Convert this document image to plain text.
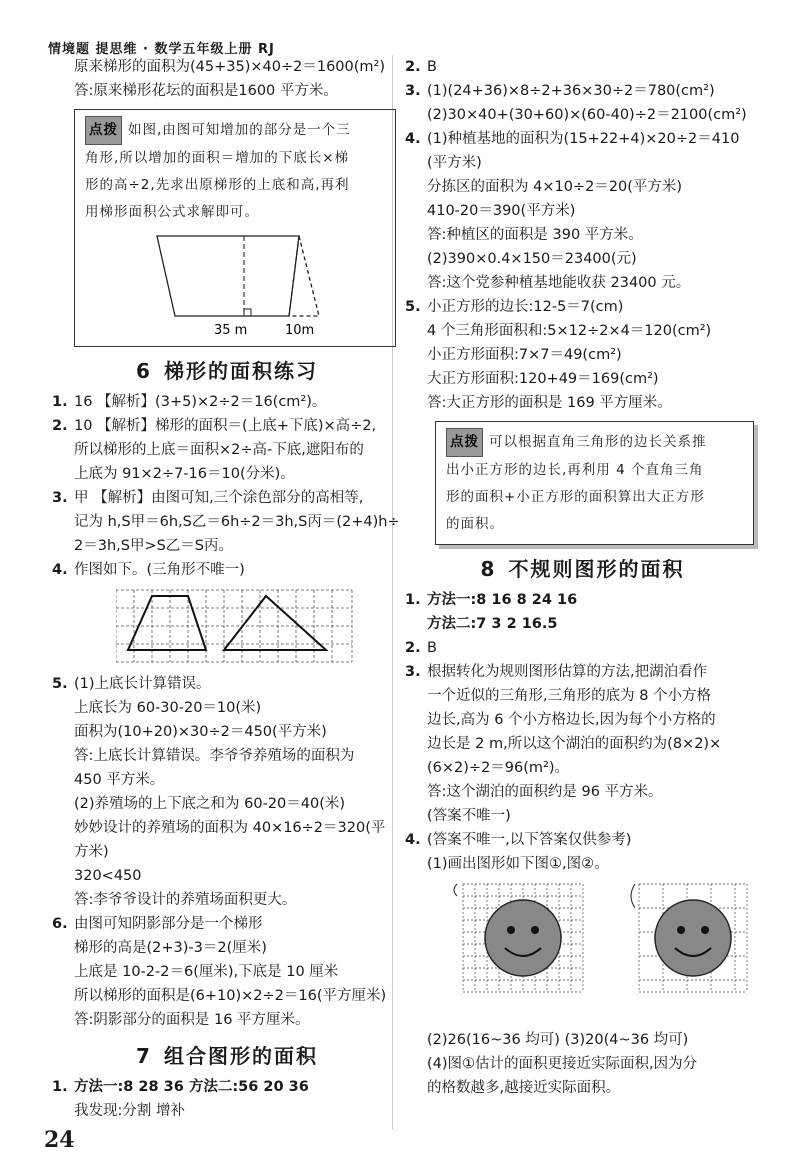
情境题 提思维 · 数学五年级上册 RJ
原来梯形的面积为(45+35)×40÷2＝1600(m²)
答:原来梯形花坛的面积是1600 平方米。
点拨 如图,由图可知增加的部分是一个三
角形,所以增加的面积＝增加的下底长×梯
形的高÷2,先求出原梯形的上底和高,再利
用梯形面积公式求解即可。
35 m	10m
6 梯形的面积练习
1. 16 【解析】(3+5)×2÷2＝16(cm²)。
2. 10 【解析】梯形的面积＝(上底+下底)×高÷2,
所以梯形的上底＝面积×2÷高-下底,遮阳布的
上底为 91×2÷7-16＝10(分米)。
3. 甲 【解析】由图可知,三个涂色部分的高相等,
记为 h,S甲＝6h,S乙＝6h÷2＝3h,S丙＝(2+4)h÷
2＝3h,S甲>S乙＝S丙。
4. 作图如下。(三角形不唯一)
5. (1)上底长计算错误。
上底长为 60-30-20＝10(米)
面积为(10+20)×30÷2＝450(平方米)
答:上底长计算错误。李爷爷养殖场的面积为
450 平方米。
(2)养殖场的上下底之和为 60-20＝40(米)
妙妙设计的养殖场的面积为 40×16÷2＝320(平
方米)
320<450
答:李爷爷设计的养殖场面积更大。
6. 由图可知阴影部分是一个梯形
梯形的高是(2+3)-3＝2(厘米)
上底是 10-2-2＝6(厘米),下底是 10 厘米
所以梯形的面积是(6+10)×2÷2＝16(平方厘米)
答:阴影部分的面积是 16 平方厘米。
7 组合图形的面积
1. 方法一:8 28 36 方法二:56 20 36
我发现:分割 增补
2. B
3. (1)(24+36)×8÷2+36×30÷2＝780(cm²)
(2)30×40+(30+60)×(60-40)÷2＝2100(cm²)
4. (1)种植基地的面积为(15+22+4)×20÷2＝410
(平方米)
分拣区的面积为 4×10÷2＝20(平方米)
410-20＝390(平方米)
答:种植区的面积是 390 平方米。
(2)390×0.4×150＝23400(元)
答:这个党参种植基地能收获 23400 元。
5. 小正方形的边长:12-5＝7(cm)
4 个三角形面积和:5×12÷2×4＝120(cm²)
小正方形面积:7×7＝49(cm²)
大正方形面积:120+49＝169(cm²)
答:大正方形的面积是 169 平方厘米。
点拨 可以根据直角三角形的边长关系推
出小正方形的边长,再利用 4 个直角三角
形的面积+小正方形的面积算出大正方形
的面积。
8 不规则图形的面积
1. 方法一:8 16 8 24 16
方法二:7 3 2 16.5
2. B
3. 根据转化为规则图形估算的方法,把湖泊看作
一个近似的三角形,三角形的底为 8 个小方格
边长,高为 6 个小方格边长,因为每个小方格的
边长是 2 m,所以这个湖泊的面积约为(8×2)×
(6×2)÷2＝96(m²)。
答:这个湖泊的面积约是 96 平方米。
(答案不唯一)
4. (答案不唯一,以下答案仅供参考)
(1)画出图形如下图①,图②。
(2)26(16~36 均可) (3)20(4~36 均可)
(4)图①估计的面积更接近实际面积,因为分
的格数越多,越接近实际面积。
24
